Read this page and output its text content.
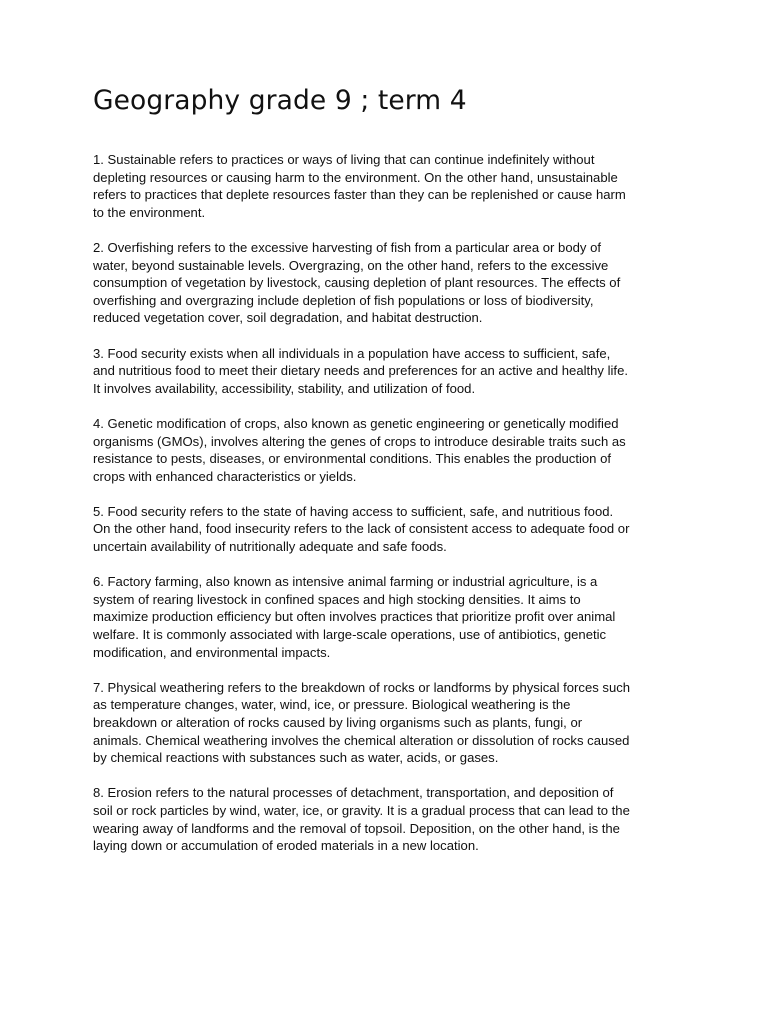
Geography grade 9 ; term 4

1. Sustainable refers to practices or ways of living that can continue indefinitely without
depleting resources or causing harm to the environment. On the other hand, unsustainable
refers to practices that deplete resources faster than they can be replenished or cause harm
to the environment.

2. Overfishing refers to the excessive harvesting of fish from a particular area or body of
water, beyond sustainable levels. Overgrazing, on the other hand, refers to the excessive
consumption of vegetation by livestock, causing depletion of plant resources. The effects of
overfishing and overgrazing include depletion of fish populations or loss of biodiversity,
reduced vegetation cover, soil degradation, and habitat destruction.

3. Food security exists when all individuals in a population have access to sufficient, safe,
and nutritious food to meet their dietary needs and preferences for an active and healthy life.
It involves availability, accessibility, stability, and utilization of food.

4. Genetic modification of crops, also known as genetic engineering or genetically modified
organisms (GMOs), involves altering the genes of crops to introduce desirable traits such as
resistance to pests, diseases, or environmental conditions. This enables the production of
crops with enhanced characteristics or yields.

5. Food security refers to the state of having access to sufficient, safe, and nutritious food.
On the other hand, food insecurity refers to the lack of consistent access to adequate food or
uncertain availability of nutritionally adequate and safe foods.

6. Factory farming, also known as intensive animal farming or industrial agriculture, is a
system of rearing livestock in confined spaces and high stocking densities. It aims to
maximize production efficiency but often involves practices that prioritize profit over animal
welfare. It is commonly associated with large-scale operations, use of antibiotics, genetic
modification, and environmental impacts.

7. Physical weathering refers to the breakdown of rocks or landforms by physical forces such
as temperature changes, water, wind, ice, or pressure. Biological weathering is the
breakdown or alteration of rocks caused by living organisms such as plants, fungi, or
animals. Chemical weathering involves the chemical alteration or dissolution of rocks caused
by chemical reactions with substances such as water, acids, or gases.

8. Erosion refers to the natural processes of detachment, transportation, and deposition of
soil or rock particles by wind, water, ice, or gravity. It is a gradual process that can lead to the
wearing away of landforms and the removal of topsoil. Deposition, on the other hand, is the
laying down or accumulation of eroded materials in a new location.
